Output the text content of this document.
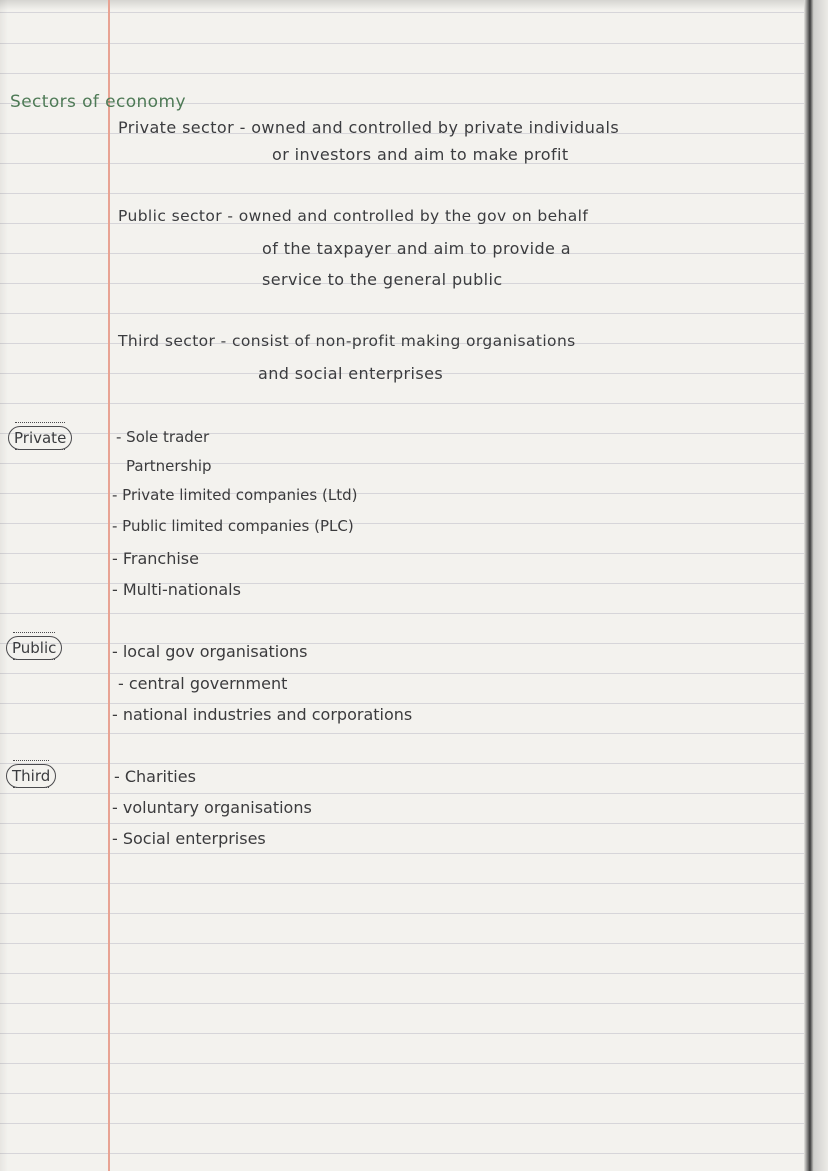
Sectors of economy
Private sector - owned and controlled by private individuals
or investors and aim to make profit
Public sector - owned and controlled by the gov on behalf
of the taxpayer and aim to provide a
service to the general public
Third sector - consist of non-profit making organisations
and social enterprises
Private	- Sole trader
Partnership
- Private limited companies (Ltd)
- Public limited companies (PLC)
- Franchise
- Multi-nationals
Public	- local gov organisations
- central government
- national industries and corporations
Third	- Charities
- voluntary organisations
- Social enterprises
